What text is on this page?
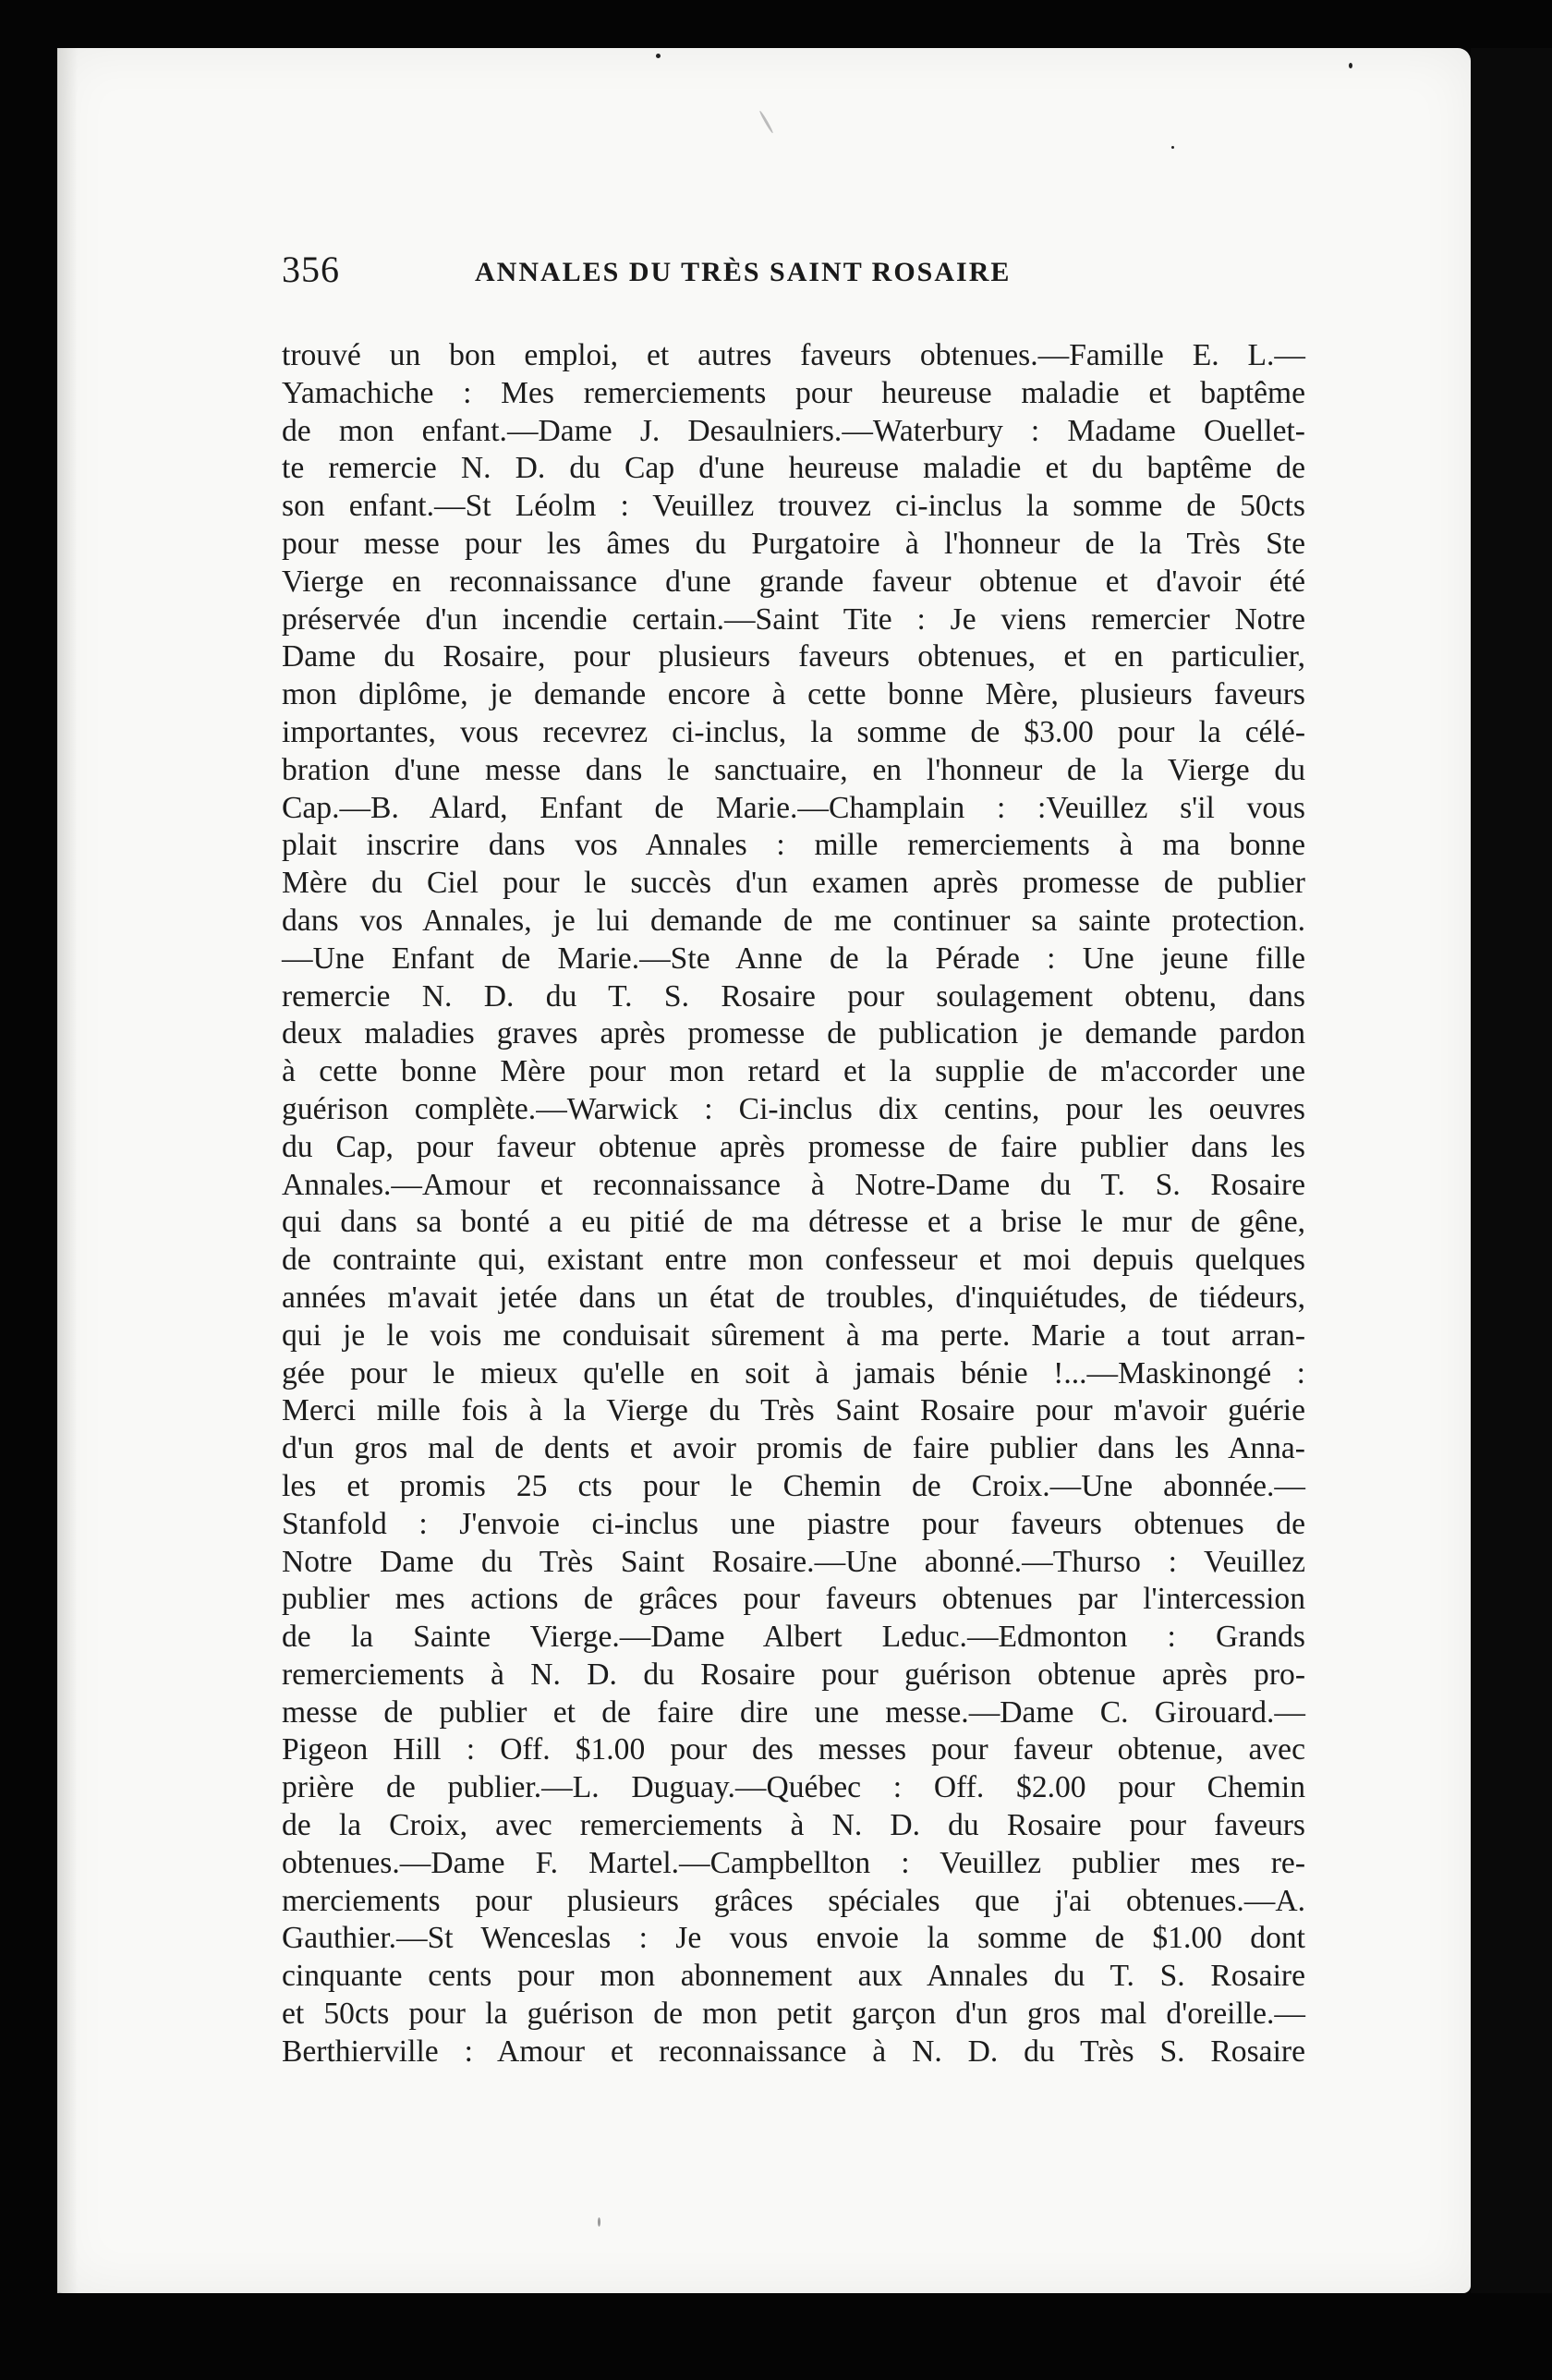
356	ANNALES DU TRÈS SAINT ROSAIRE
trouvé un bon emploi, et autres faveurs obtenues.—Famille E. L.—
Yamachiche : Mes remerciements pour heureuse maladie et baptême
de mon enfant.—Dame J. Desaulniers.—Waterbury : Madame Ouellet-
te remercie N. D. du Cap d'une heureuse maladie et du baptême de
son enfant.—St Léolm : Veuillez trouvez ci-inclus la somme de 50cts
pour messe pour les âmes du Purgatoire à l'honneur de la Très Ste
Vierge en reconnaissance d'une grande faveur obtenue et d'avoir été
préservée d'un incendie certain.—Saint Tite : Je viens remercier Notre
Dame du Rosaire, pour plusieurs faveurs obtenues, et en particulier,
mon diplôme, je demande encore à cette bonne Mère, plusieurs faveurs
importantes, vous recevrez ci-inclus, la somme de $3.00 pour la célé-
bration d'une messe dans le sanctuaire, en l'honneur de la Vierge du
Cap.—B. Alard, Enfant de Marie.—Champlain : :Veuillez s'il vous
plait inscrire dans vos Annales : mille remerciements à ma bonne
Mère du Ciel pour le succès d'un examen après promesse de publier
dans vos Annales, je lui demande de me continuer sa sainte protection.
—Une Enfant de Marie.—Ste Anne de la Pérade : Une jeune fille
remercie N. D. du T. S. Rosaire pour soulagement obtenu, dans
deux maladies graves après promesse de publication je demande pardon
à cette bonne Mère pour mon retard et la supplie de m'accorder une
guérison complète.—Warwick : Ci-inclus dix centins, pour les oeuvres
du Cap, pour faveur obtenue après promesse de faire publier dans les
Annales.—Amour et reconnaissance à Notre-Dame du T. S. Rosaire
qui dans sa bonté a eu pitié de ma détresse et a brise le mur de gêne,
de contrainte qui, existant entre mon confesseur et moi depuis quelques
années m'avait jetée dans un état de troubles, d'inquiétudes, de tiédeurs,
qui je le vois me conduisait sûrement à ma perte. Marie a tout arran-
gée pour le mieux qu'elle en soit à jamais bénie !...—Maskinongé :
Merci mille fois à la Vierge du Très Saint Rosaire pour m'avoir guérie
d'un gros mal de dents et avoir promis de faire publier dans les Anna-
les et promis 25 cts pour le Chemin de Croix.—Une abonnée.—
Stanfold : J'envoie ci-inclus une piastre pour faveurs obtenues de
Notre Dame du Très Saint Rosaire.—Une abonné.—Thurso : Veuillez
publier mes actions de grâces pour faveurs obtenues par l'intercession
de la Sainte Vierge.—Dame Albert Leduc.—Edmonton : Grands
remerciements à N. D. du Rosaire pour guérison obtenue après pro-
messe de publier et de faire dire une messe.—Dame C. Girouard.—
Pigeon Hill : Off. $1.00 pour des messes pour faveur obtenue, avec
prière de publier.—L. Duguay.—Québec : Off. $2.00 pour Chemin
de la Croix, avec remerciements à N. D. du Rosaire pour faveurs
obtenues.—Dame F. Martel.—Campbellton : Veuillez publier mes re-
merciements pour plusieurs grâces spéciales que j'ai obtenues.—A.
Gauthier.—St Wenceslas : Je vous envoie la somme de $1.00 dont
cinquante cents pour mon abonnement aux Annales du T. S. Rosaire
et 50cts pour la guérison de mon petit garçon d'un gros mal d'oreille.—
Berthierville : Amour et reconnaissance à N. D. du Très S. Rosaire
